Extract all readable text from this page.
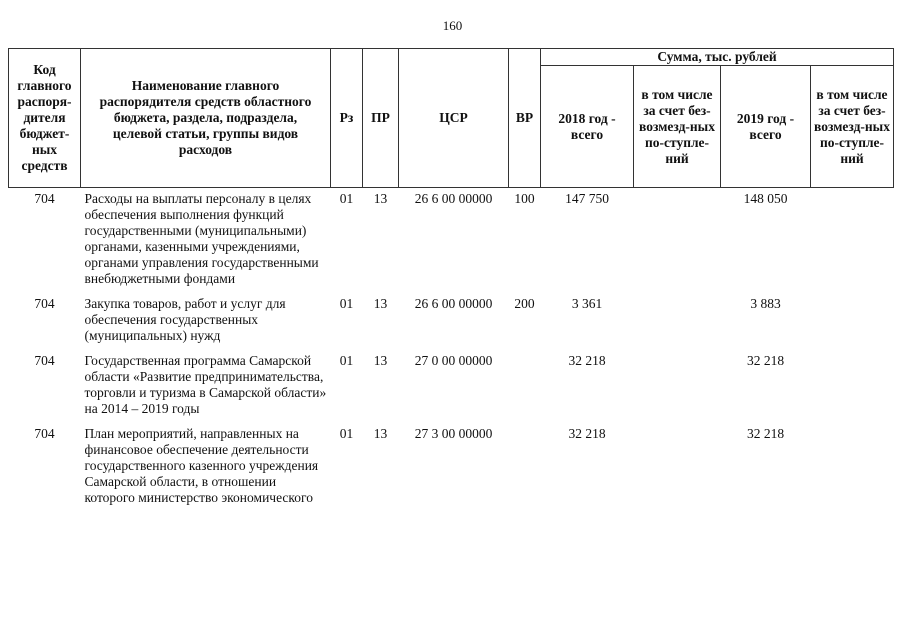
160
Код главного распоря-дителя бюджет-ных средств	Наименование главного распорядителя средств областного бюджета, раздела, подраздела, целевой статьи, группы видов расходов	Рз	ПР	ЦСР	ВР	Сумма, тыс. рублей			
						2018 год - всего	в том числе за счет без-возмезд-ных по-ступле-ний	2019 год - всего	в том числе за счет без-возмезд-ных по-ступле-ний
704	Расходы на выплаты персоналу в целях обеспечения выполнения функций государственными (муниципальными) органами, казенными учреждениями, органами управления государственными внебюджетными фондами	01	13	26 6 00 00000	100	147 750		148 050	
704	Закупка товаров, работ и услуг для обеспечения государственных (муниципальных) нужд	01	13	26 6 00 00000	200	3 361		3 883	
704	Государственная программа Самарской области «Развитие предпринимательства, торговли и туризма в Самарской области» на 2014 – 2019 годы	01	13	27 0 00 00000		32 218		32 218	
704	План мероприятий, направленных на финансовое обеспечение деятельности государственного казенного учреждения Самарской области, в отношении которого министерство экономического	01	13	27 3 00 00000		32 218		32 218	
